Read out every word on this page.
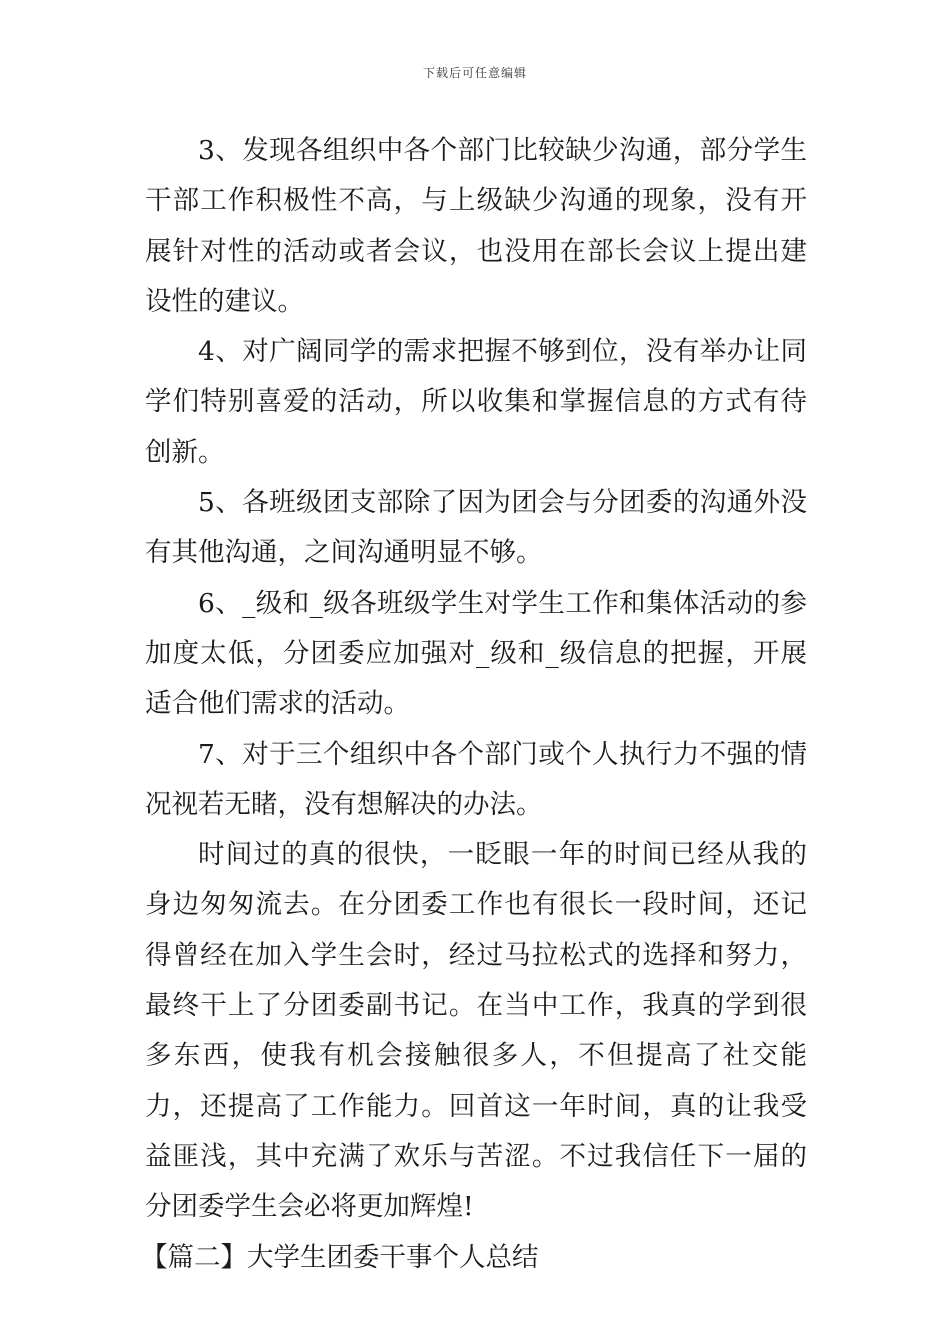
下载后可任意编辑

3、发现各组织中各个部门比较缺少沟通，部分学生干部工作积极性不高，与上级缺少沟通的现象，没有开展针对性的活动或者会议，也没用在部长会议上提出建设性的建议。

4、对广阔同学的需求把握不够到位，没有举办让同学们特别喜爱的活动，所以收集和掌握信息的方式有待创新。

5、各班级团支部除了因为团会与分团委的沟通外没有其他沟通，之间沟通明显不够。

6、_级和_级各班级学生对学生工作和集体活动的参加度太低，分团委应加强对_级和_级信息的把握，开展适合他们需求的活动。

7、对于三个组织中各个部门或个人执行力不强的情况视若无睹，没有想解决的办法。

时间过的真的很快，一眨眼一年的时间已经从我的身边匆匆流去。在分团委工作也有很长一段时间，还记得曾经在加入学生会时，经过马拉松式的选择和努力，最终干上了分团委副书记。在当中工作，我真的学到很多东西，使我有机会接触很多人，不但提高了社交能力，还提高了工作能力。回首这一年时间，真的让我受益匪浅，其中充满了欢乐与苦涩。不过我信任下一届的分团委学生会必将更加辉煌!

【篇二】大学生团委干事个人总结
